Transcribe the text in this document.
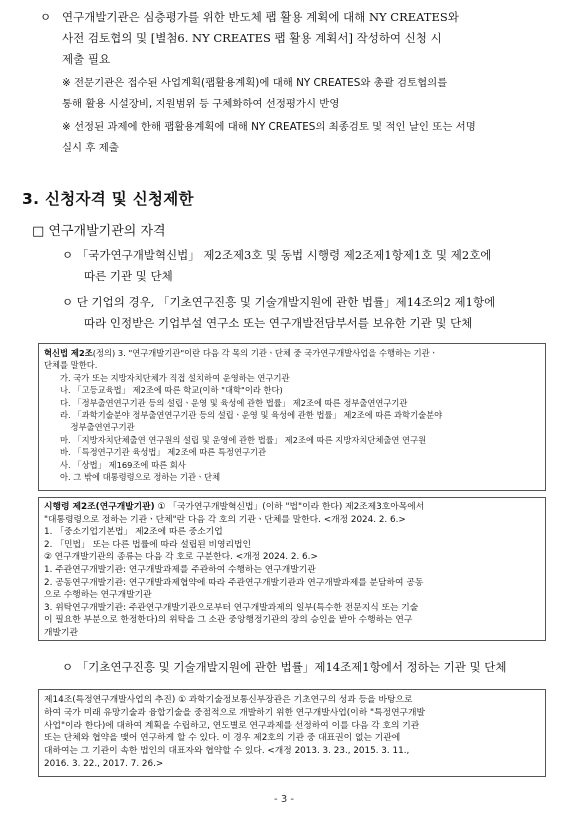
ㅇ 연구개발기관은 심층평가를 위한 반도체 팹 활용 계획에 대해 NY CREATES와
사전 검토협의 및 [별첨6. NY CREATES 팹 활용 계획서] 작성하여 신청 시
제출 필요
※ 전문기관은 접수된 사업계획(팹활용계획)에 대해 NY CREATES와 총괄 검토협의를
통해 활용 시설장비, 지원범위 등 구체화하여 선정평가시 반영
※ 선정된 과제에 한해 팹활용계획에 대해 NY CREATES의 최종검토 및 적인 날인 또는 서명
실시 후 제출
3. 신청자격 및 신청제한
□ 연구개발기관의 자격
ㅇ 「국가연구개발혁신법」 제2조제3호 및 동법 시행령 제2조제1항제1호 및 제2호에
따른 기관 및 단체
ㅇ 단 기업의 경우, 「기초연구진흥 및 기술개발지원에 관한 법률」제14조의2 제1항에
따라 인정받은 기업부설 연구소 또는 연구개발전담부서를 보유한 기관 및 단체
혁신법 제2조(정의) 3. "연구개발기관"이란 다음 각 목의 기관ㆍ단체 중 국가연구개발사업을 수행하는 기관ㆍ
단체를 말한다.
가. 국가 또는 지방자치단체가 직접 설치하여 운영하는 연구기관
나. 「고등교육법」 제2조에 따른 학교(이하 "대학"이라 한다)
다. 「정부출연연구기관 등의 설립ㆍ운영 및 육성에 관한 법률」 제2조에 따른 정부출연연구기관
라. 「과학기술분야 정부출연연구기관 등의 설립ㆍ운영 및 육성에 관한 법률」 제2조에 따른 과학기술분야
정부출연연구기관
마. 「지방자치단체출연 연구원의 설립 및 운영에 관한 법률」 제2조에 따른 지방자치단체출연 연구원
바. 「특정연구기관 육성법」 제2조에 따른 특정연구기관
사. 「상법」 제169조에 따른 회사
아. 그 밖에 대통령령으로 정하는 기관ㆍ단체
시행령 제2조(연구개발기관) ① 「국가연구개발혁신법」(이하 "법"이라 한다) 제2조제3호아목에서
"대통령령으로 정하는 기관ㆍ단체"란 다음 각 호의 기관ㆍ단체를 말한다. <개정 2024. 2. 6.>
1. 「중소기업기본법」 제2조에 따른 중소기업
2. 「민법」 또는 다른 법률에 따라 설립된 비영리법인
② 연구개발기관의 종류는 다음 각 호로 구분한다. <개정 2024. 2. 6.>
1. 주관연구개발기관: 연구개발과제를 주관하여 수행하는 연구개발기관
2. 공동연구개발기관: 연구개발과제협약에 따라 주관연구개발기관과 연구개발과제를 분담하여 공동
으로 수행하는 연구개발기관
3. 위탁연구개발기관: 주관연구개발기관으로부터 연구개발과제의 일부(특수한 전문지식 또는 기술
이 필요한 부분으로 한정한다)의 위탁을 그 소관 중앙행정기관의 장의 승인을 받아 수행하는 연구
개발기관
ㅇ 「기초연구진흥 및 기술개발지원에 관한 법률」제14조제1항에서 정하는 기관 및 단체
제14조(특정연구개발사업의 추진) ① 과학기술정보통신부장관은 기초연구의 성과 등을 바탕으로
하여 국가 미래 유망기술과 융합기술을 중점적으로 개발하기 위한 연구개발사업(이하 "특정연구개발
사업"이라 한다)에 대하여 계획을 수립하고, 연도별로 연구과제를 선정하여 이를 다음 각 호의 기관
또는 단체와 협약을 맺어 연구하게 할 수 있다. 이 경우 제2호의 기관 중 대표권이 없는 기관에
대하여는 그 기관이 속한 법인의 대표자와 협약할 수 있다. <개정 2013. 3. 23., 2015. 3. 11.,
2016. 3. 22., 2017. 7. 26.>
- 3 -
